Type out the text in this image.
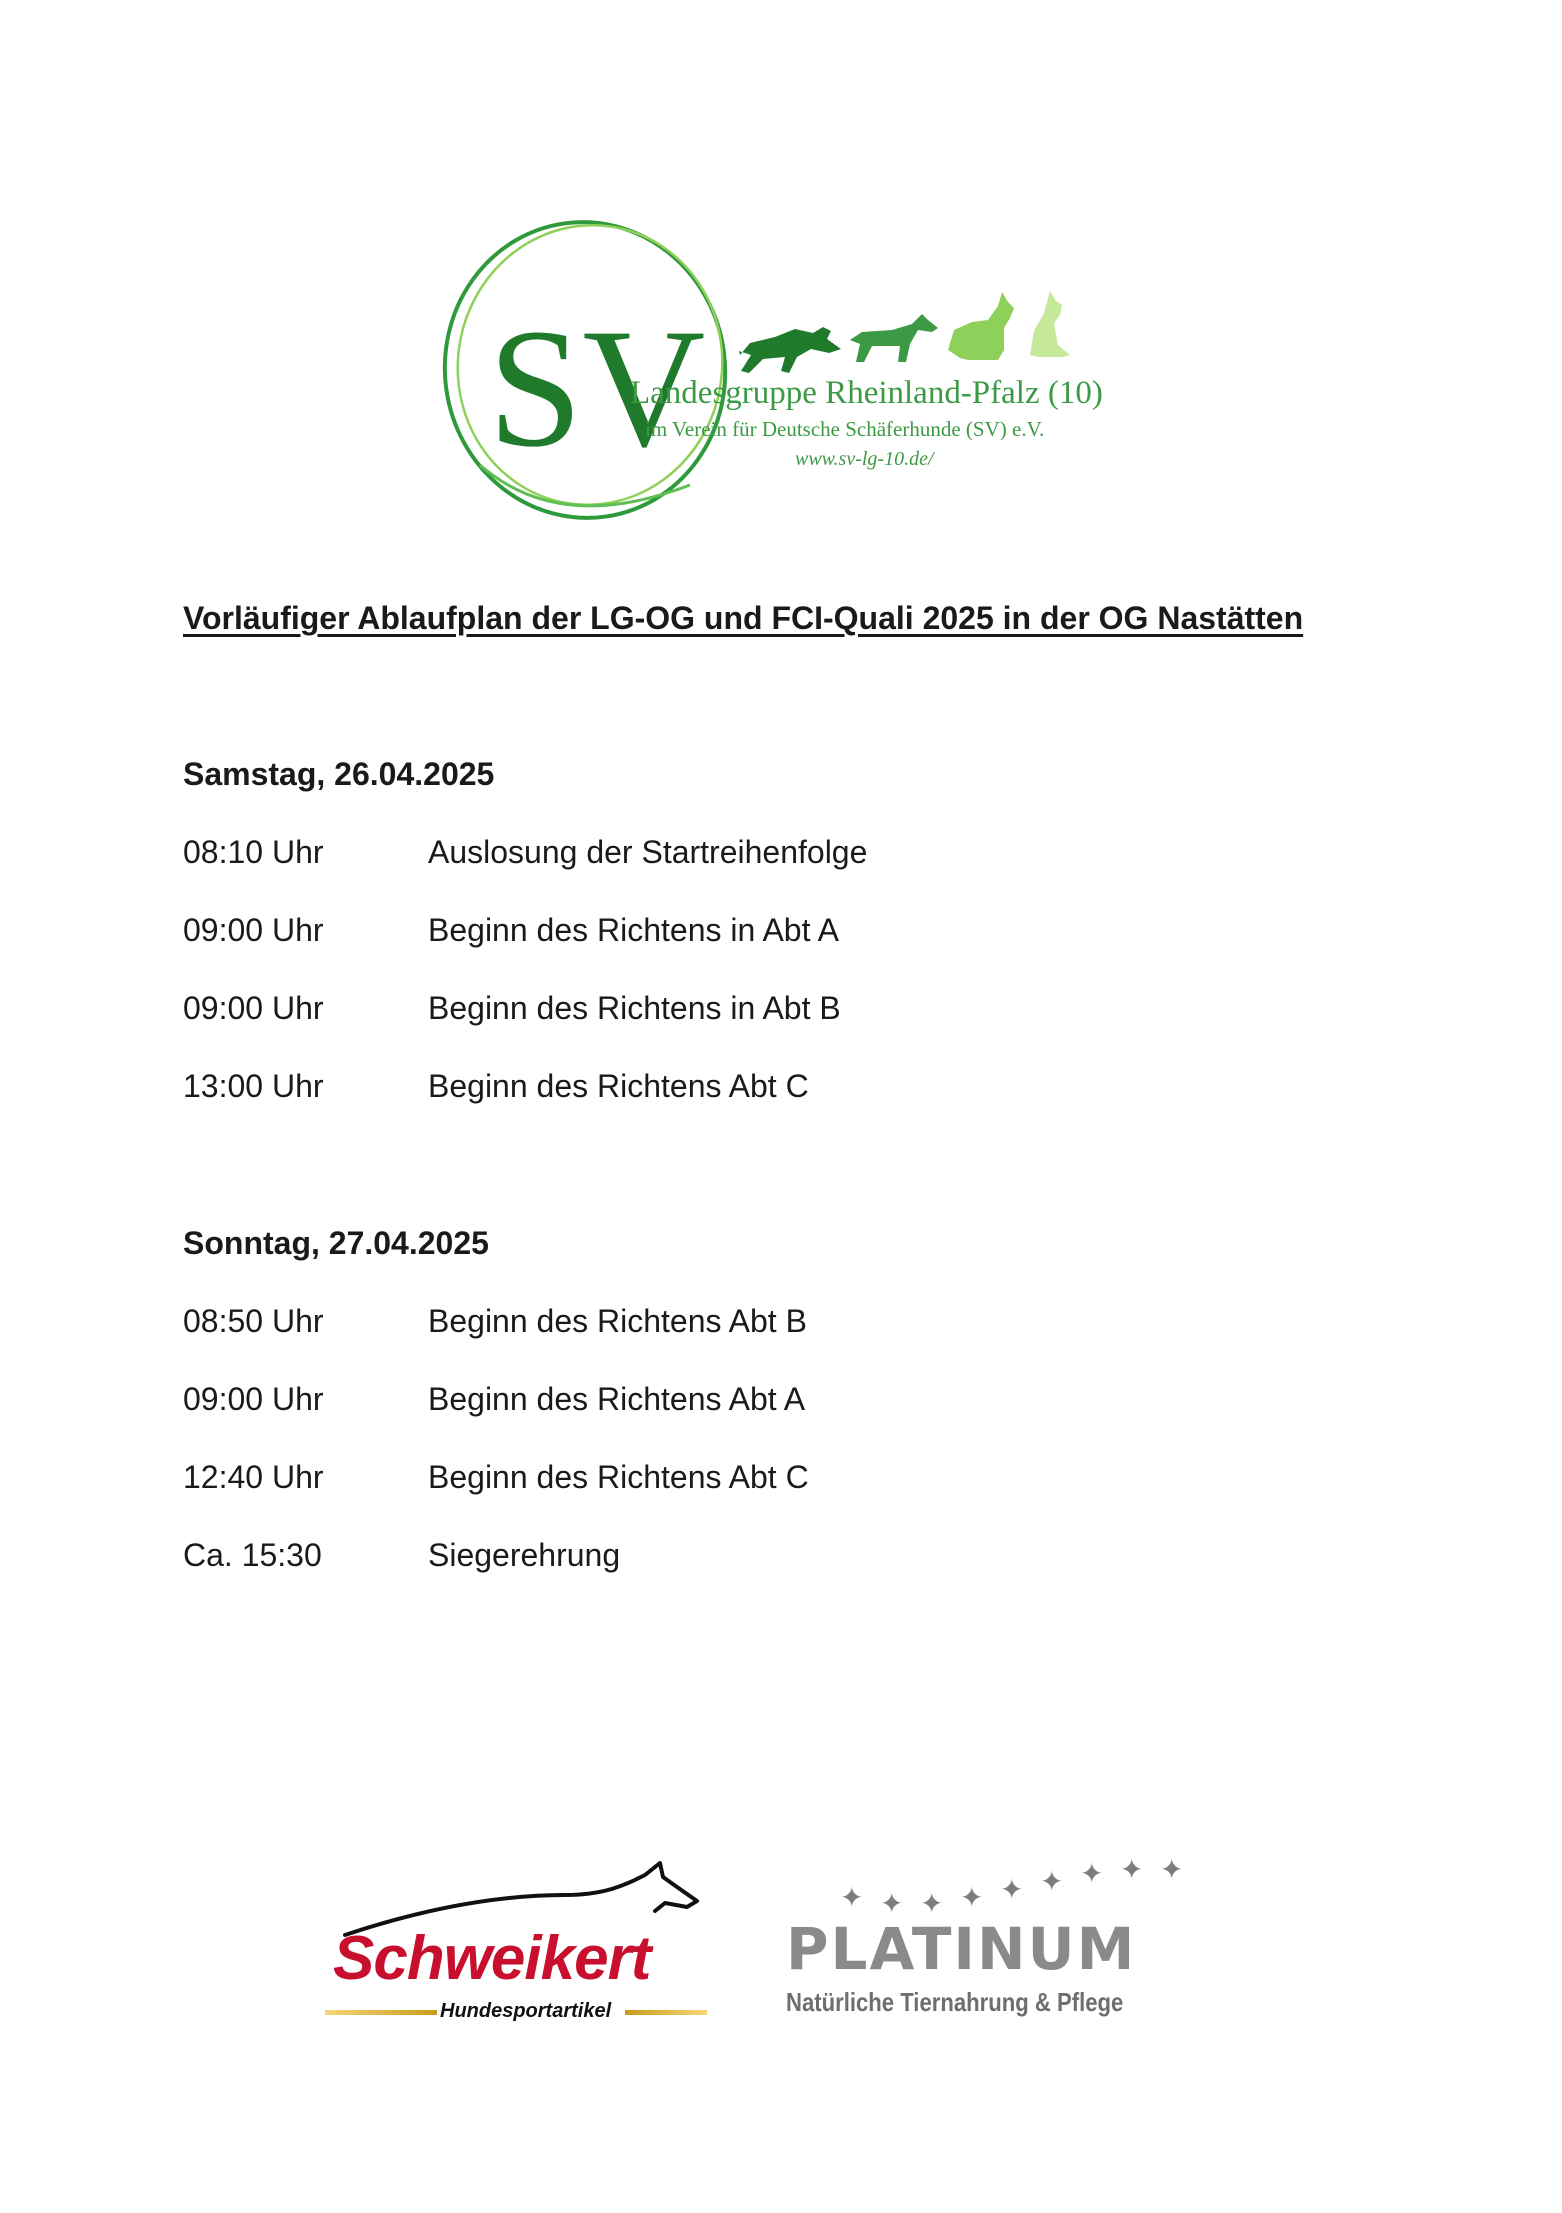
SV
Landesgruppe Rheinland-Pfalz (10)
im Verein für Deutsche Schäferhunde (SV) e.V.
www.sv-lg-10.de/
Vorläufiger Ablaufplan der LG-OG und FCI-Quali 2025 in der OG Nastätten
Samstag, 26.04.2025
08:10 Uhr	Auslosung der Startreihenfolge
09:00 Uhr	Beginn des Richtens in Abt A
09:00 Uhr	Beginn des Richtens in Abt B
13:00 Uhr	Beginn des Richtens Abt C
Sonntag, 27.04.2025
08:50 Uhr	Beginn des Richtens Abt B
09:00 Uhr	Beginn des Richtens Abt A
12:40 Uhr	Beginn des Richtens Abt C
Ca. 15:30	Siegerehrung
Schweikert
Hundesportartikel
✦ ✦ ✦ ✦ ✦ ✦ ✦ ✦ ✦
PLATINUM
Natürliche Tiernahrung & Pflege
